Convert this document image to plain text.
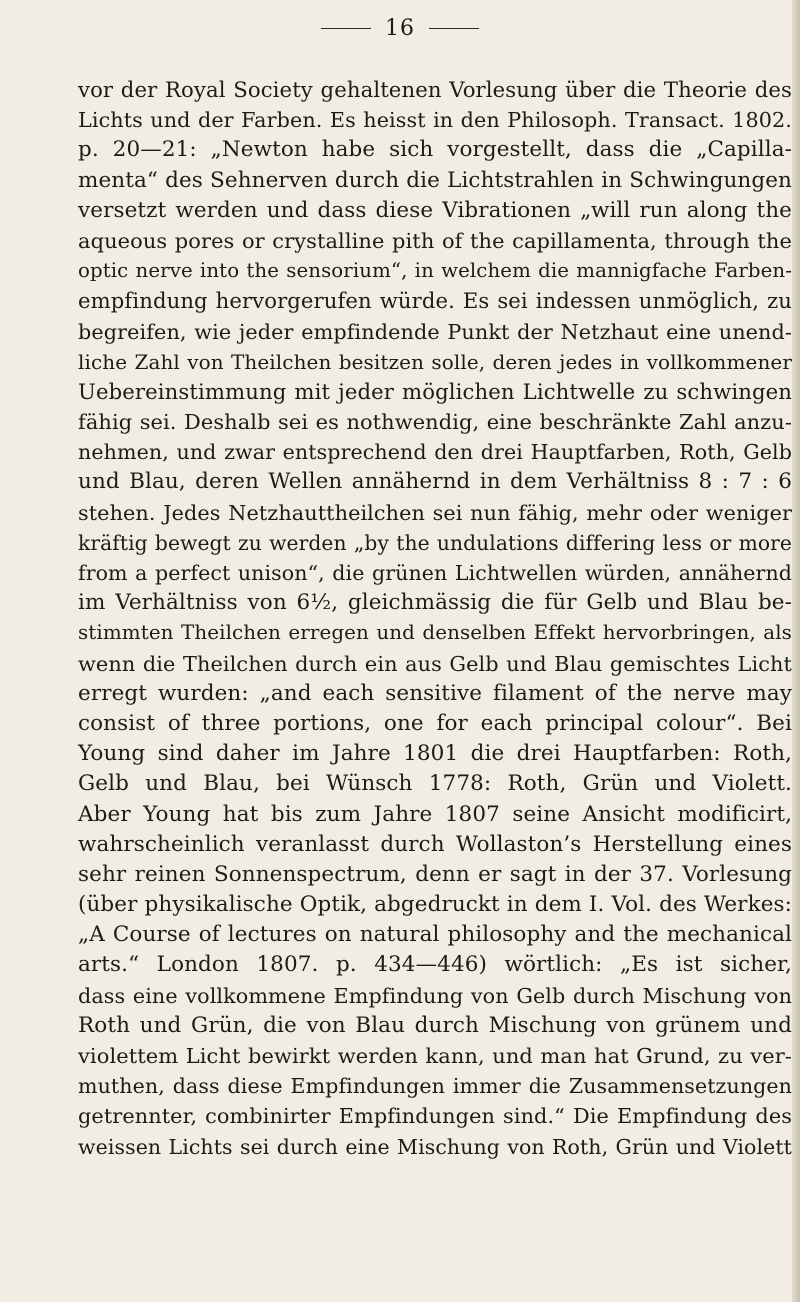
16
vor der Royal Society gehaltenen Vorlesung über die Theorie des
Lichts und der Farben. Es heisst in den Philosoph. Transact. 1802.
p. 20—21: „Newton habe sich vorgestellt, dass die „Capilla-
menta“ des Sehnerven durch die Lichtstrahlen in Schwingungen
versetzt werden und dass diese Vibrationen „will run along the
aqueous pores or crystalline pith of the capillamenta, through the
optic nerve into the sensorium“, in welchem die mannigfache Farben-
empfindung hervorgerufen würde. Es sei indessen unmöglich, zu
begreifen, wie jeder empfindende Punkt der Netzhaut eine unend-
liche Zahl von Theilchen besitzen solle, deren jedes in vollkommener
Uebereinstimmung mit jeder möglichen Lichtwelle zu schwingen
fähig sei. Deshalb sei es nothwendig, eine beschränkte Zahl anzu-
nehmen, und zwar entsprechend den drei Hauptfarben, Roth, Gelb
und Blau, deren Wellen annähernd in dem Verhältniss 8 : 7 : 6
stehen. Jedes Netzhauttheilchen sei nun fähig, mehr oder weniger
kräftig bewegt zu werden „by the undulations differing less or more
from a perfect unison“, die grünen Lichtwellen würden, annähernd
im Verhältniss von 6½, gleichmässig die für Gelb und Blau be-
stimmten Theilchen erregen und denselben Effekt hervorbringen, als
wenn die Theilchen durch ein aus Gelb und Blau gemischtes Licht
erregt wurden: „and each sensitive filament of the nerve may
consist of three portions, one for each principal colour“. Bei
Young sind daher im Jahre 1801 die drei Hauptfarben: Roth,
Gelb und Blau, bei Wünsch 1778: Roth, Grün und Violett.
Aber Young hat bis zum Jahre 1807 seine Ansicht modificirt,
wahrscheinlich veranlasst durch Wollaston’s Herstellung eines
sehr reinen Sonnenspectrum, denn er sagt in der 37. Vorlesung
(über physikalische Optik, abgedruckt in dem I. Vol. des Werkes:
„A Course of lectures on natural philosophy and the mechanical
arts.“ London 1807. p. 434—446) wörtlich: „Es ist sicher,
dass eine vollkommene Empfindung von Gelb durch Mischung von
Roth und Grün, die von Blau durch Mischung von grünem und
violettem Licht bewirkt werden kann, und man hat Grund, zu ver-
muthen, dass diese Empfindungen immer die Zusammensetzungen
getrennter, combinirter Empfindungen sind.“ Die Empfindung des
weissen Lichts sei durch eine Mischung von Roth, Grün und Violett
